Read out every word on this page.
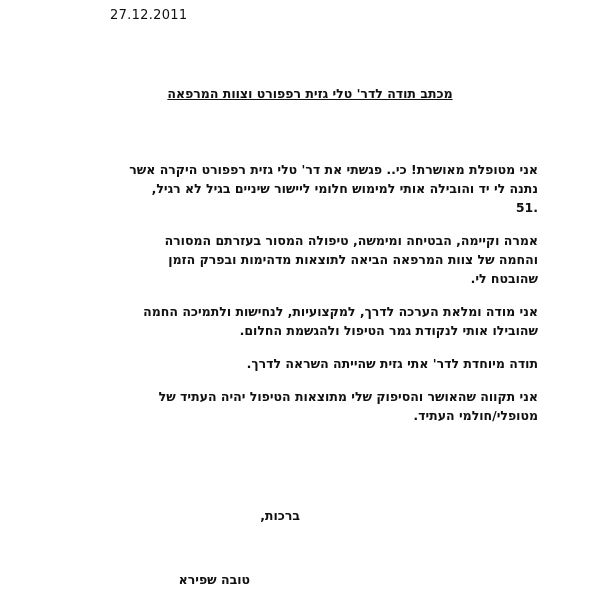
27.12.2011
מכתב תודה לדר' טלי גזית רפפורט וצוות המרפאה

אני מטופלת מאושרת! כי.. פגשתי את דר' טלי גזית רפפורט היקרה אשר
נתנה לי יד והובילה אותי למימוש חלומי ליישור שיניים בגיל לא רגיל,
.51

אמרה וקיימה, הבטיחה ומימשה, טיפולה המסור בעזרתם המסורה
והחמה של צוות המרפאה הביאה לתוצאות מדהימות ובפרק הזמן
שהובטח לי.

אני מודה ומלאת הערכה לדרך, למקצועיות, לנחישות ולתמיכה החמה
שהובילו אותי לנקודת גמר הטיפול ולהגשמת החלום.

תודה מיוחדת לדר' אתי גזית שהייתה השראה לדרך.

אני תקווה שהאושר והסיפוק שלי מתוצאות הטיפול יהיה העתיד של
מטופלי/חולמי העתיד.

ברכות,
טובה שפירא
